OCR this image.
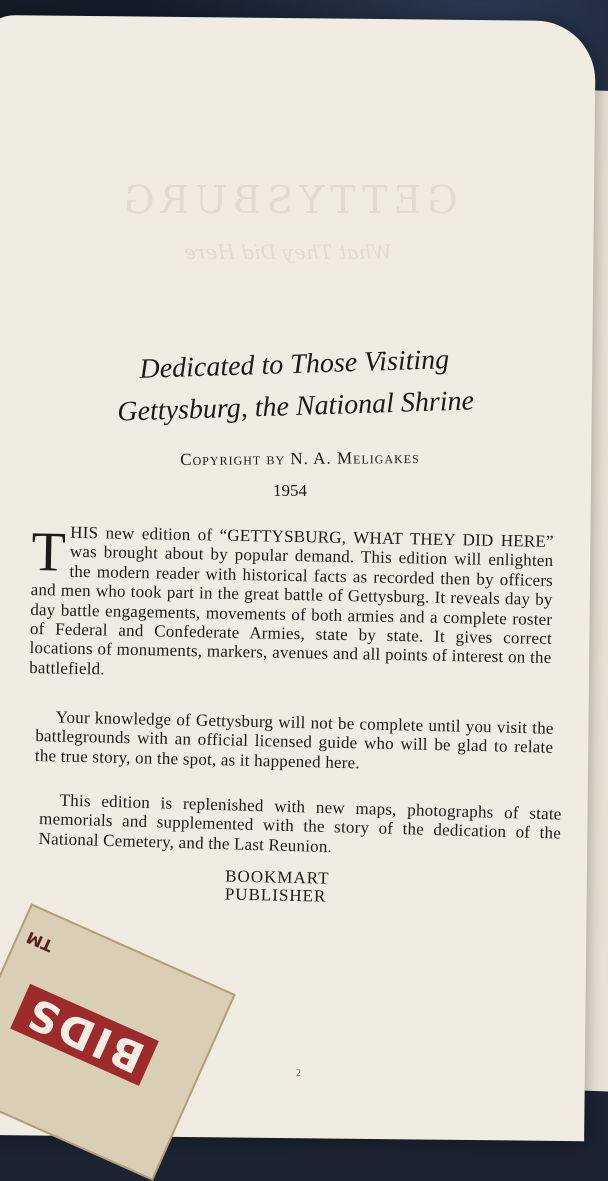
TM
BIDS
GETTYSBURG
What They Did Here
Dedicated to Those Visiting
Gettysburg, the National Shrine
Copyright by N. A. Meligakes
1954
THIS new edition of “GETTYSBURG, WHAT THEY DID HERE” was brought about by popular demand. This edition will enlighten the modern reader with historical facts as recorded then by officers and men who took part in the great battle of Gettysburg. It reveals day by day battle engagements, movements of both armies and a complete roster of Federal and Confederate Armies, state by state. It gives correct locations of monuments, markers, avenues and all points of interest on the battlefield.
Your knowledge of Gettysburg will not be complete until you visit the battlegrounds with an official licensed guide who will be glad to relate the true story, on the spot, as it happened here.
This edition is replenished with new maps, photographs of state memorials and supplemented with the story of the dedication of the National Cemetery, and the Last Reunion.
BOOKMART
PUBLISHER
2
